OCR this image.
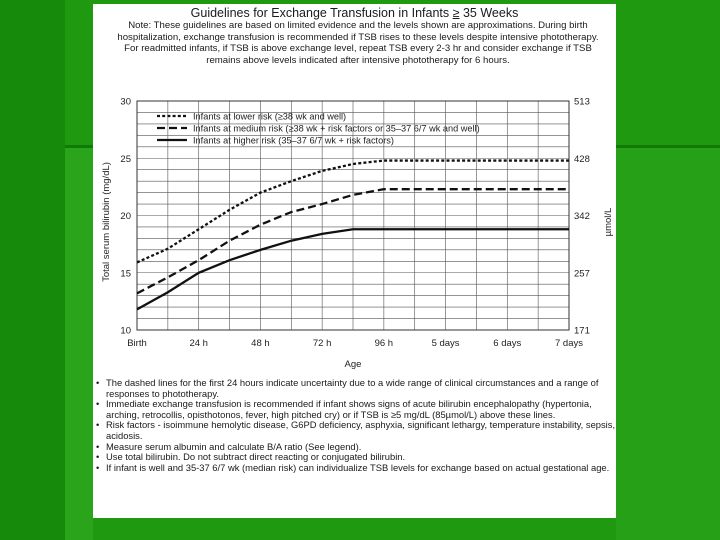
Guidelines for Exchange Transfusion in Infants ≥ 35 Weeks
Note: These guidelines are based on limited evidence and the levels shown are approximations. During birth hospitalization, exchange transfusion is recommended if TSB rises to these levels despite intensive phototherapy. For readmitted infants, if TSB is above exchange level, repeat TSB every 2-3 hr and consider exchange if TSB remains above levels indicated after intensive phototherapy for 6 hours.
10
15
20
25
30
171
257
342
428
513
Birth	24 h	48 h	72 h	96 h	5 days	6 days	7 days
Infants at lower risk (≥38 wk and well)
Infants at medium risk (≥38 wk + risk factors or 35–37 6/7 wk and well)
Infants at higher risk (35–37 6/7 wk + risk factors)
Total serum bilirubin (mg/dL)	µmol/L
Age
• The dashed lines for the first 24 hours indicate uncertainty due to a wide range of clinical circumstances and a range of responses to phototherapy.
• Immediate exchange transfusion is recommended if infant shows signs of acute bilirubin encephalopathy (hypertonia, arching, retrocollis, opisthotonos, fever, high pitched cry) or if TSB is ≥5 mg/dL (85µmol/L) above these lines.
• Risk factors - isoimmune hemolytic disease, G6PD deficiency, asphyxia, significant lethargy, temperature instability, sepsis, acidosis.
• Measure serum albumin and calculate B/A ratio (See legend).
• Use total bilirubin. Do not subtract direct reacting or conjugated bilirubin.
• If infant is well and 35-37 6/7 wk (median risk) can individualize TSB levels for exchange based on actual gestational age.
